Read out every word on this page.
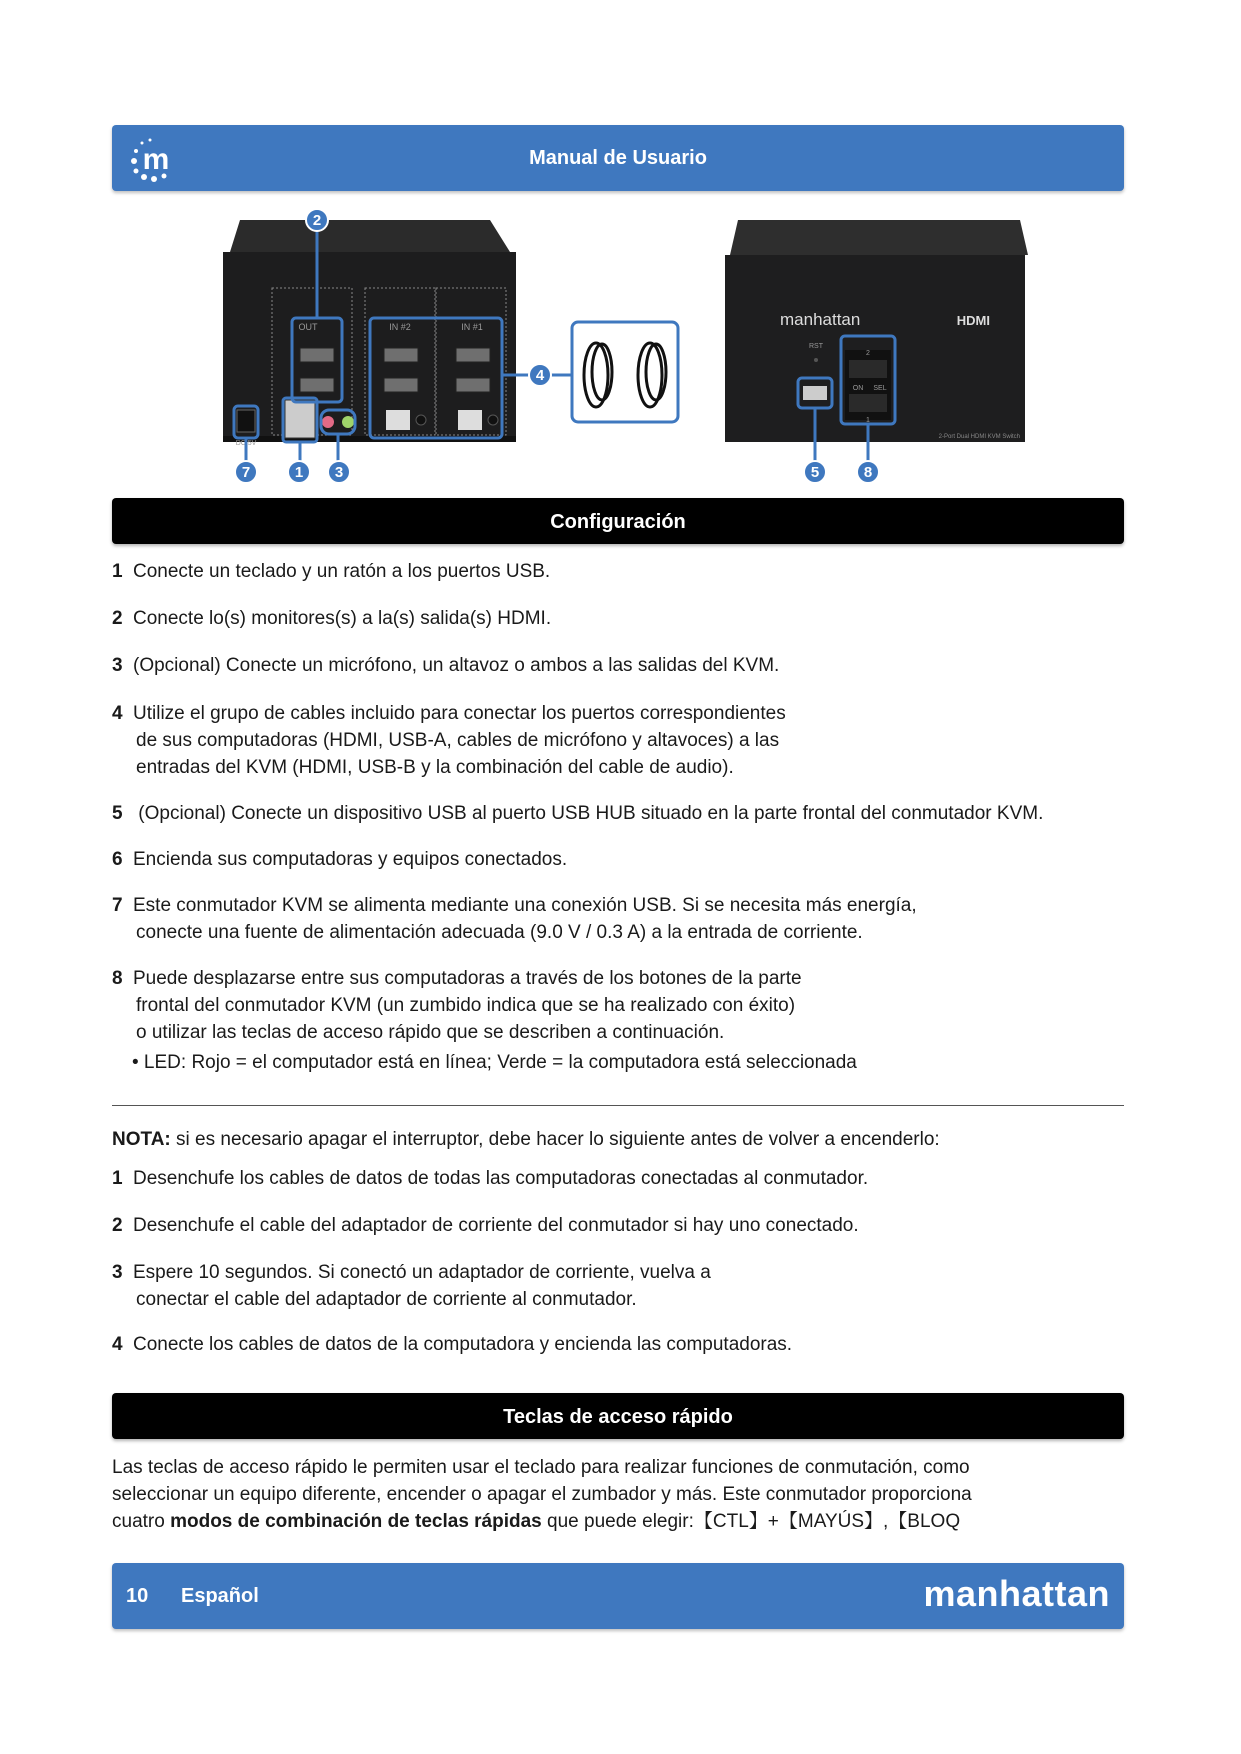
m	Manual de Usuario
OUT	IN #2	IN #1
DC 5V
manhattan	HDMI
RST
2
ON SEL
1
2-Port Dual HDMI KVM Switch
2
4
7	1 3	5	8
Configuración
1 Conecte un teclado y un ratón a los puertos USB.
2 Conecte lo(s) monitores(s) a la(s) salida(s) HDMI.
3 (Opcional) Conecte un micrófono, un altavoz o ambos a las salidas del KVM.
4 Utilize el grupo de cables incluido para conectar los puertos correspondientes
de sus computadoras (HDMI, USB-A, cables de micrófono y altavoces) a las
entradas del KVM (HDMI, USB-B y la combinación del cable de audio).
5 (Opcional) Conecte un dispositivo USB al puerto USB HUB situado en la parte frontal del conmutador KVM.
6 Encienda sus computadoras y equipos conectados.
7 Este conmutador KVM se alimenta mediante una conexión USB. Si se necesita más energía,
conecte una fuente de alimentación adecuada (9.0 V / 0.3 A) a la entrada de corriente.
8 Puede desplazarse entre sus computadoras a través de los botones de la parte
frontal del conmutador KVM (un zumbido indica que se ha realizado con éxito)
o utilizar las teclas de acceso rápido que se describen a continuación.
• LED: Rojo = el computador está en línea; Verde = la computadora está seleccionada
NOTA: si es necesario apagar el interruptor, debe hacer lo siguiente antes de volver a encenderlo:
1 Desenchufe los cables de datos de todas las computadoras conectadas al conmutador.
2 Desenchufe el cable del adaptador de corriente del conmutador si hay uno conectado.
3 Espere 10 segundos. Si conectó un adaptador de corriente, vuelva a
conectar el cable del adaptador de corriente al conmutador.
4 Conecte los cables de datos de la computadora y encienda las computadoras.
Teclas de acceso rápido
Las teclas de acceso rápido le permiten usar el teclado para realizar funciones de conmutación, como
seleccionar un equipo diferente, encender o apagar el zumbador y más. Este conmutador proporciona
cuatro modos de combinación de teclas rápidas que puede elegir:【CTL】+【MAYÚS】,【BLOQ
10 Español	manhattan
